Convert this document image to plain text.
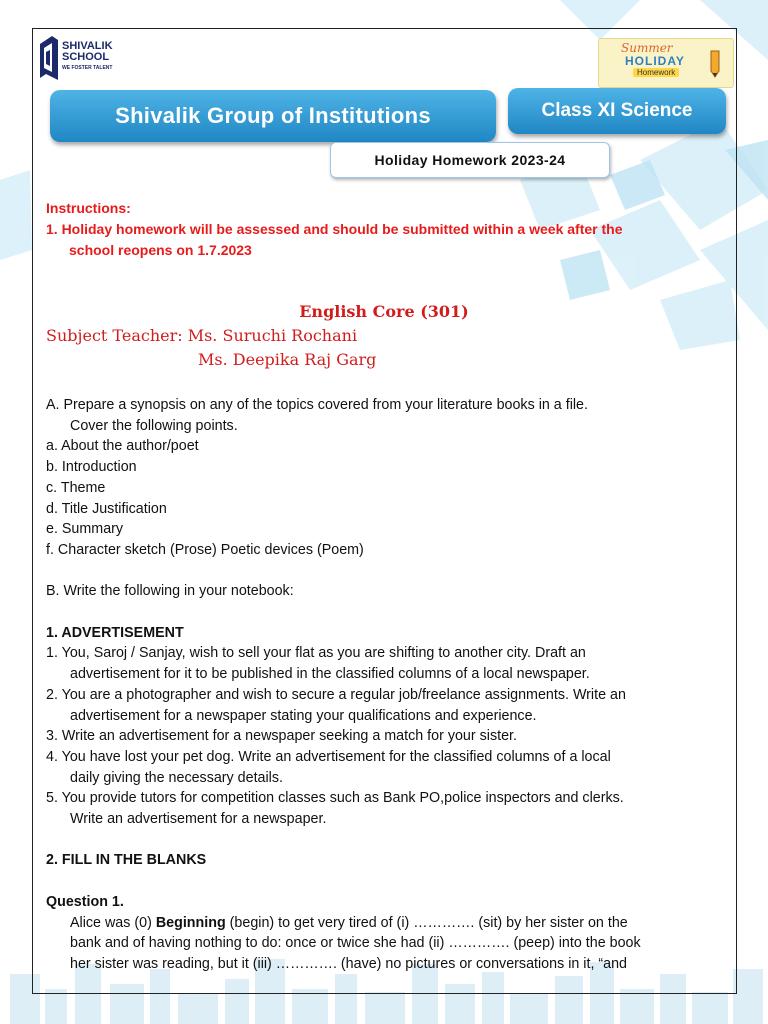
SHIVALIK SCHOOL
WE FOSTER TALENT
Summer
HOLIDAY
Homework
Shivalik Group of Institutions	Class XI Science
Holiday Homework 2023-24
Instructions:
1. Holiday homework will be assessed and should be submitted within a week after the
school reopens on 1.7.2023
English Core (301)
Subject Teacher: Ms. Suruchi Rochani
Ms. Deepika Raj Garg

A. Prepare a synopsis on any of the topics covered from your literature books in a file.

Cover the following points.

a. About the author/poet

b. Introduction

c. Theme

d. Title Justification

e. Summary

f. Character sketch (Prose) Poetic devices (Poem)

B. Write the following in your notebook:

1. ADVERTISEMENT

1. You, Saroj / Sanjay, wish to sell your flat as you are shifting to another city. Draft an

advertisement for it to be published in the classified columns of a local newspaper.

2. You are a photographer and wish to secure a regular job/freelance assignments. Write an

advertisement for a newspaper stating your qualifications and experience.

3. Write an advertisement for a newspaper seeking a match for your sister.

4. You have lost your pet dog. Write an advertisement for the classified columns of a local

daily giving the necessary details.

5. You provide tutors for competition classes such as Bank PO,police inspectors and clerks.

Write an advertisement for a newspaper.

2. FILL IN THE BLANKS

Question 1.

Alice was (0) Beginning (begin) to get very tired of (i) …………. (sit) by her sister on the

bank and of having nothing to do: once or twice she had (ii) …………. (peep) into the book

her sister was reading, but it (iii) …………. (have) no pictures or conversations in it, “and
